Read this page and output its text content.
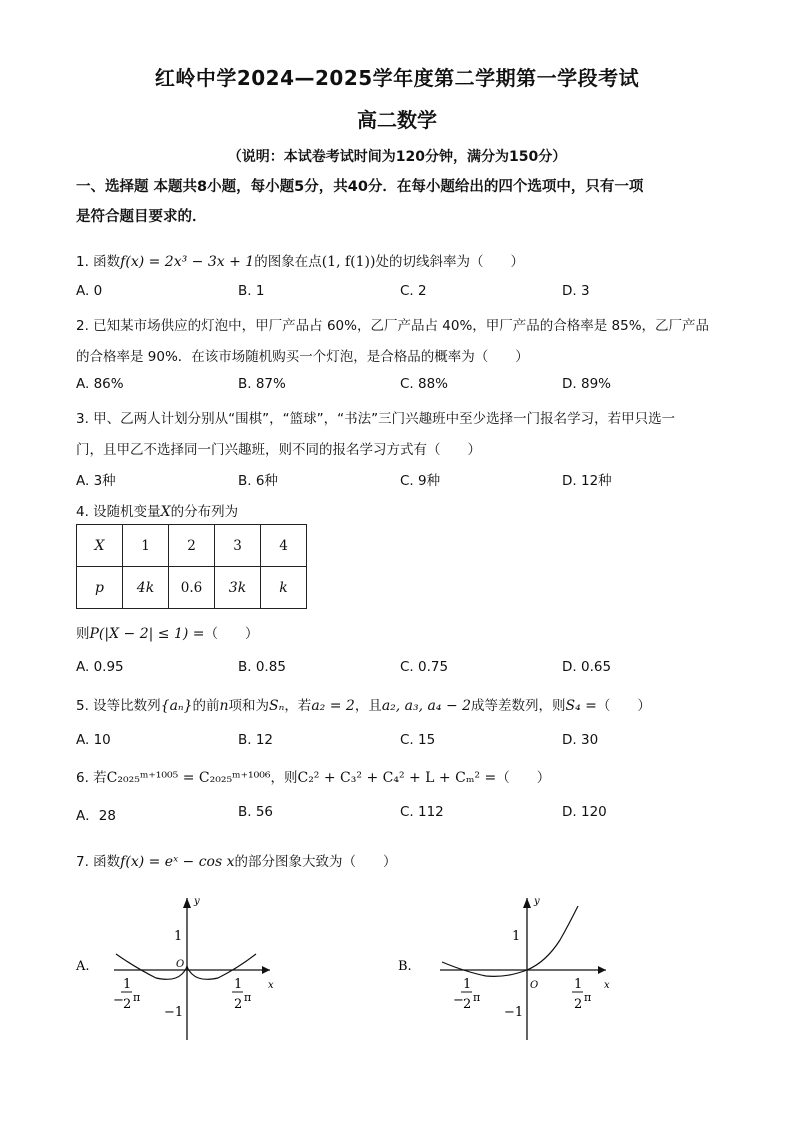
红岭中学2024—2025学年度第二学期第一学段考试
高二数学
（说明：本试卷考试时间为120分钟，满分为150分）
一、选择题 本题共8小题，每小题5分，共40分．在每小题给出的四个选项中，只有一项
是符合题目要求的．
1. 函数f(x) = 2x³ − 3x + 1的图象在点(1, f(1))处的切线斜率为（　　）
A. 0	B. 1	C. 2	D. 3
2. 已知某市场供应的灯泡中，甲厂产品占 60%，乙厂产品占 40%，甲厂产品的合格率是 85%，乙厂产品
的合格率是 90%．在该市场随机购买一个灯泡，是合格品的概率为（　　）
A. 86%	B. 87%	C. 88%	D. 89%
3. 甲、乙两人计划分别从“围棋”，“篮球”，“书法”三门兴趣班中至少选择一门报名学习，若甲只选一
门，且甲乙不选择同一门兴趣班，则不同的报名学习方式有（　　）
A. 3种	B. 6种	C. 9种	D. 12种
4. 设随机变量X的分布列为
X	1	2	3	4
p	4k	0.6	3k	k
则P(|X − 2| ≤ 1) =（　　）
A. 0.95	B. 0.85	C. 0.75	D. 0.65
5. 设等比数列{aₙ}的前n项和为Sₙ，若a₂ = 2，且a₂, a₃, a₄ − 2成等差数列，则S₄ =（　　）
A. 10	B. 12	C. 15	D. 30
6. 若C₂₀₂₅ᵐ⁺¹⁰⁰⁵ = C₂₀₂₅ᵐ⁺¹⁰⁰⁶，则C₂² + C₃² + C₄² + L + Cₘ² =（　　）
A．28	B. 56	C. 112	D. 120
7. 函数f(x) = eˣ − cos x的部分图象大致为（　　）
A.
y
x
O
1
−1
1
− 2 π
1
2 π
B.
y
x
O
1
−1
1
− 2 π
1
2 π
